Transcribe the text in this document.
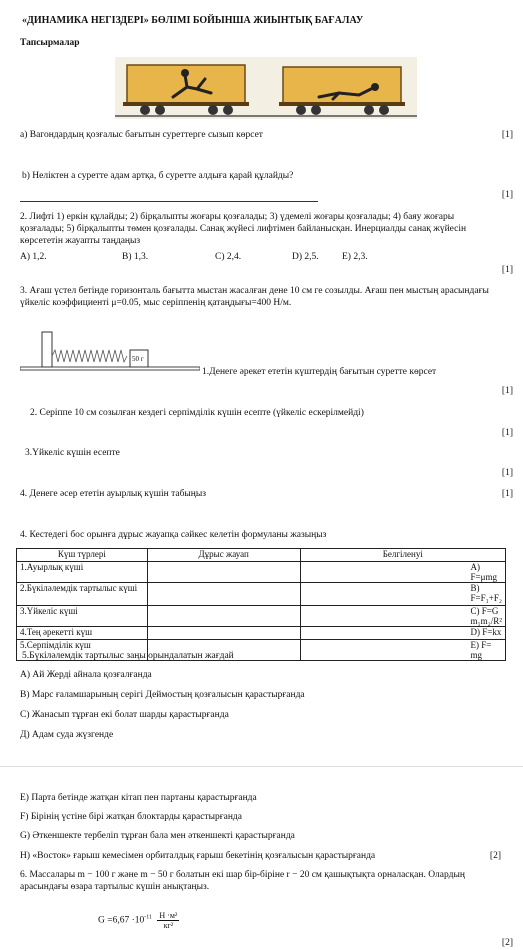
«ДИНАМИКА НЕГІЗДЕРІ» БӨЛІМІ БОЙЫНША ЖИЫНТЫҚ БАҒАЛАУ
Тапсырмалар
а) Вагондардың қозғалыс бағытын суреттерге сызып көрсет	[1]
b) Неліктен а суретте адам артқа, б суретте алдыға қарай құлайды?
[1]
2. Лифті 1) еркін құлайды; 2) бірқалыпты жоғары қозғалады; 3) үдемелі жоғары қозғалады; 4) баяу жоғары қозғалады; 5) бірқалыпты төмен қозғалады. Санақ жүйесі лифтімен байланысқан. Инерциалды санақ жүйесін көрсететін жауапты таңдаңыз
А) 1,2.	В) 1,3.	С) 2,4.	D) 2,5. Е) 2,3.
[1]
3. Ағаш үстел бетінде горизонталь бағытта мыстан жасалған дене 10 см ге созылды. Ағаш пен мыстың арасындағы үйкеліс коэффициенті μ=0.05, мыс серіппенің қатаңдығы=400 Н/м.
50 г
1.Денеге әрекет ететін күштердің бағытын суретте көрсет
[1]
2. Серіппе 10 см созылған кездегі серпімділік күшін есепте (үйкеліс ескерілмейді)
[1]
3.Үйкеліс күшін есепте
[1]
4. Денеге әсер ететін ауырлық күшін табыңыз	[1]
4. Кестедегі бос орынға дұрыс жауапқа сәйкес келетін формуланы жазыңыз
Күш түрлері	Дұрыс жауап	Белгіленуі
1.Ауырлық күші		A) F=μmg
2.Бүкіләлемдік тартылыс күші		B) F=F₁+F₂
3.Үйкеліс күші		C) F=G m₁m₂/R²
4.Тең әрекетті күш		D) F=kx
5.Серпімділік күш		E) F= mg
5.Бүкіләлемдік тартылыс заңы орындалатын жағдай
А) Ай Жерді айнала қозғалғанда
В) Марс ғаламшарының серігі Деймостың қозғалысын қарастырғанда
С) Жанасып тұрған екі болат шарды қарастырғанда
Д) Адам суда жүзгенде
Е) Парта бетінде жатқан кітап пен партаны қарастырғанда
F) Бірінің үстіне бірі жатқан блоктарды қарастырғанда
G) Әткеншекте тербеліп тұрған бала мен әткеншекті қарастырғанда
H) «Восток» ғарыш кемесімен орбиталдық ғарыш бекетінің қозғалысын қарастырғанда	[2]
6. Массалары m − 100 г және m − 50 г болатын екі шар бір-біріне r − 20 см қашықтықта орналасқан. Олардың арасындағы өзара тартылыс күшін анықтаңыз.
$G =6,67 \cdot 10^{-11}$ Н ·м²
кг²
[2]
